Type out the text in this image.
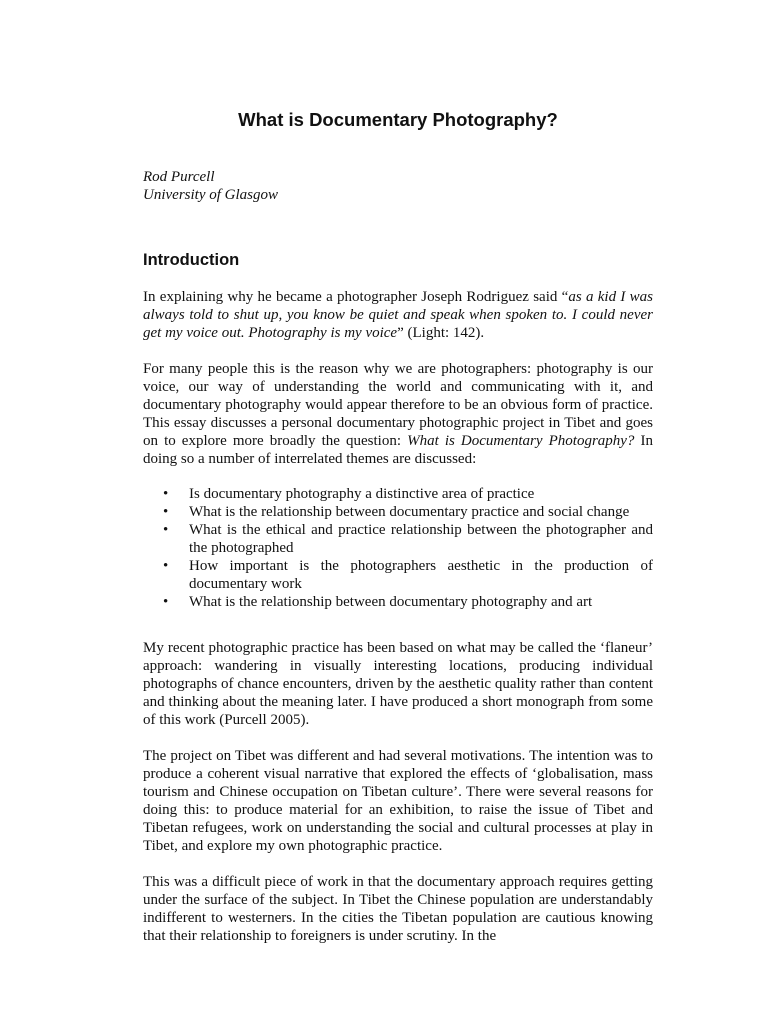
What is Documentary Photography?
Rod Purcell
University of Glasgow
Introduction

In explaining why he became a photographer Joseph Rodriguez said “as a kid I was always told to shut up, you know be quiet and speak when spoken to. I could never get my voice out. Photography is my voice” (Light: 142).

For many people this is the reason why we are photographers: photography is our voice, our way of understanding the world and communicating with it, and documentary photography would appear therefore to be an obvious form of practice. This essay discusses a personal documentary photographic project in Tibet and goes on to explore more broadly the question: What is Documentary Photography? In doing so a number of interrelated themes are discussed:

• Is documentary photography a distinctive area of practice
• What is the relationship between documentary practice and social change
• What is the ethical and practice relationship between the photographer and the photographed
• How important is the photographers aesthetic in the production of documentary work
• What is the relationship between documentary photography and art

My recent photographic practice has been based on what may be called the ‘flaneur’ approach: wandering in visually interesting locations, producing individual photographs of chance encounters, driven by the aesthetic quality rather than content and thinking about the meaning later. I have produced a short monograph from some of this work (Purcell 2005).

The project on Tibet was different and had several motivations. The intention was to produce a coherent visual narrative that explored the effects of ‘globalisation, mass tourism and Chinese occupation on Tibetan culture’. There were several reasons for doing this: to produce material for an exhibition, to raise the issue of Tibet and Tibetan refugees, work on understanding the social and cultural processes at play in Tibet, and explore my own photographic practice.

This was a difficult piece of work in that the documentary approach requires getting under the surface of the subject. In Tibet the Chinese population are understandably indifferent to westerners. In the cities the Tibetan population are cautious knowing that their relationship to foreigners is under scrutiny. In the
